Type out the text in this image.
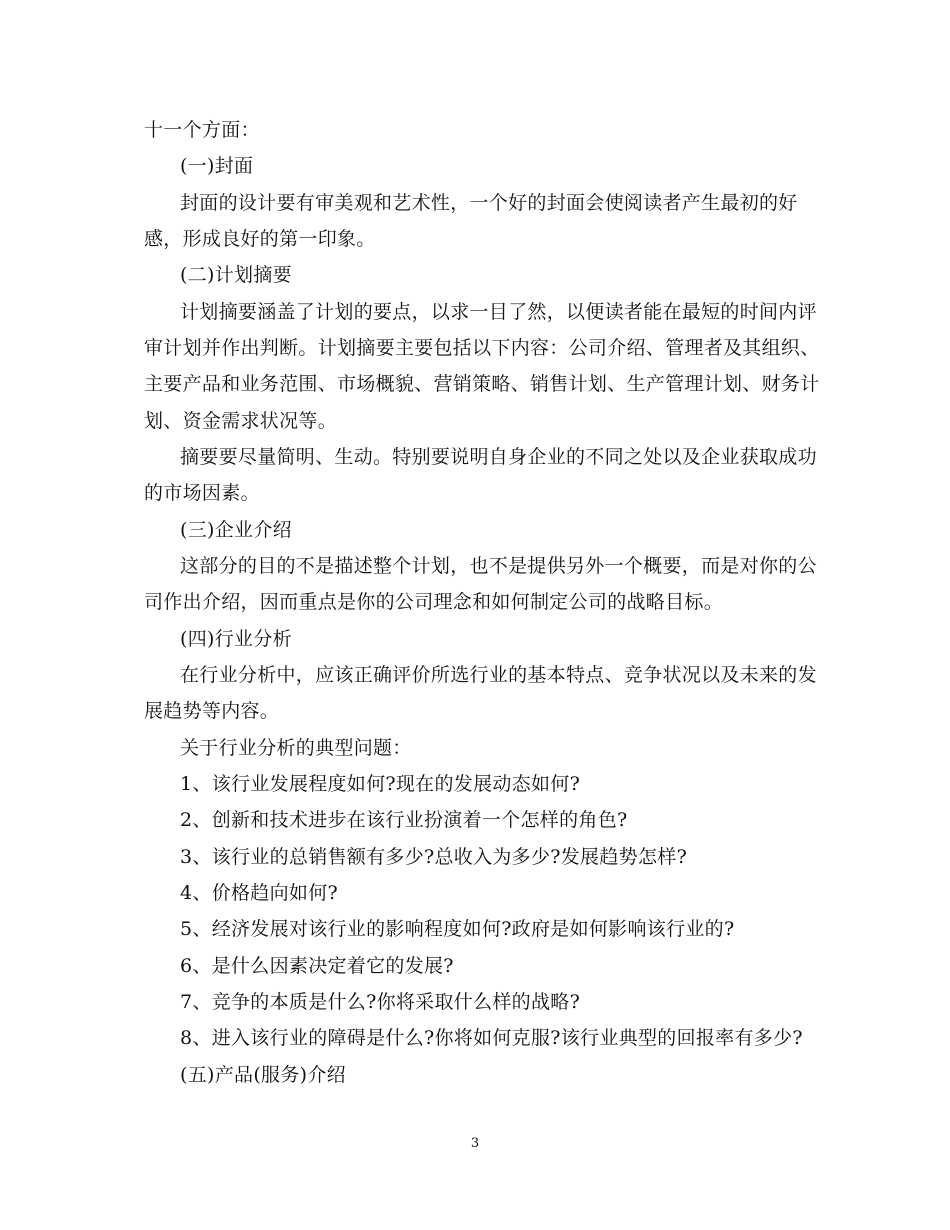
十一个方面：
(一)封面
封面的设计要有审美观和艺术性，一个好的封面会使阅读者产生最初的好
感，形成良好的第一印象。
(二)计划摘要
计划摘要涵盖了计划的要点，以求一目了然，以便读者能在最短的时间内评
审计划并作出判断。计划摘要主要包括以下内容：公司介绍、管理者及其组织、
主要产品和业务范围、市场概貌、营销策略、销售计划、生产管理计划、财务计
划、资金需求状况等。
摘要要尽量简明、生动。特别要说明自身企业的不同之处以及企业获取成功
的市场因素。
(三)企业介绍
这部分的目的不是描述整个计划，也不是提供另外一个概要，而是对你的公
司作出介绍，因而重点是你的公司理念和如何制定公司的战略目标。
(四)行业分析
在行业分析中，应该正确评价所选行业的基本特点、竞争状况以及未来的发
展趋势等内容。
关于行业分析的典型问题：
1、该行业发展程度如何?现在的发展动态如何?
2、创新和技术进步在该行业扮演着一个怎样的角色?
3、该行业的总销售额有多少?总收入为多少?发展趋势怎样?
4、价格趋向如何?
5、经济发展对该行业的影响程度如何?政府是如何影响该行业的?
6、是什么因素决定着它的发展?
7、竞争的本质是什么?你将采取什么样的战略?
8、进入该行业的障碍是什么?你将如何克服?该行业典型的回报率有多少?
(五)产品(服务)介绍
3
